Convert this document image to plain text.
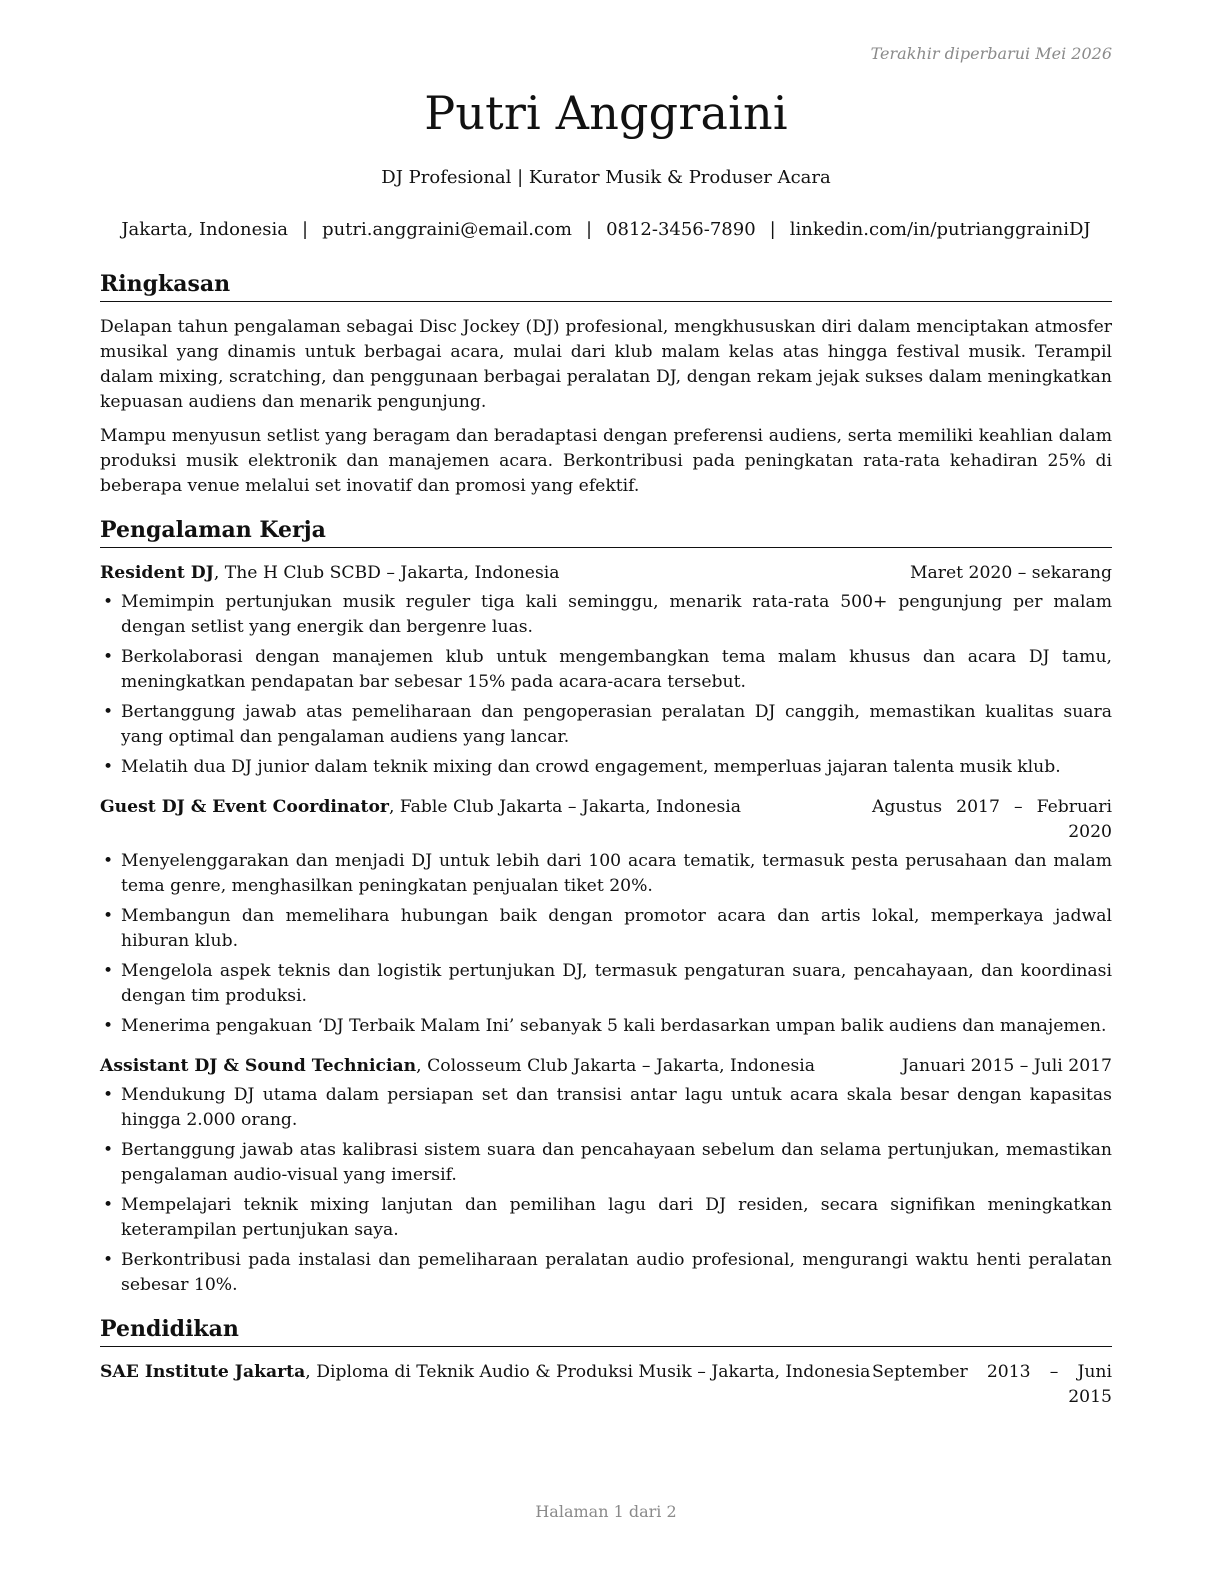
Terakhir diperbarui Mei 2026
Putri Anggraini
DJ Profesional | Kurator Musik & Produser Acara
Jakarta, Indonesia | putri.anggraini@email.com | 0812-3456-7890 | linkedin.com/in/putrianggrainiDJ
Ringkasan

Delapan tahun pengalaman sebagai Disc Jockey (DJ) profesional, mengkhususkan diri dalam menciptakan atmosfer musikal yang dinamis untuk berbagai acara, mulai dari klub malam kelas atas hingga festival musik. Terampil dalam mixing, scratching, dan penggunaan berbagai peralatan DJ, dengan rekam jejak sukses dalam meningkatkan kepuasan audiens dan menarik pengunjung.

Mampu menyusun setlist yang beragam dan beradaptasi dengan preferensi audiens, serta memiliki keahlian dalam produksi musik elektronik dan manajemen acara. Berkontribusi pada peningkatan rata-rata kehadiran 25% di beberapa venue melalui set inovatif dan promosi yang efektif.

Pengalaman Kerja
Resident DJ, The H Club SCBD – Jakarta, Indonesia	Maret 2020 – sekarang
• Memimpin pertunjukan musik reguler tiga kali seminggu, menarik rata-rata 500+ pengunjung per malam dengan setlist yang energik dan bergenre luas.
• Berkolaborasi dengan manajemen klub untuk mengembangkan tema malam khusus dan acara DJ tamu, meningkatkan pendapatan bar sebesar 15% pada acara-acara tersebut.
• Bertanggung jawab atas pemeliharaan dan pengoperasian peralatan DJ canggih, memastikan kualitas suara yang optimal dan pengalaman audiens yang lancar.
• Melatih dua DJ junior dalam teknik mixing dan crowd engagement, memperluas jajaran talenta musik klub.
Guest DJ & Event Coordinator, Fable Club Jakarta – Jakarta, Indonesia	Agustus 2017 – Februari 2020
• Menyelenggarakan dan menjadi DJ untuk lebih dari 100 acara tematik, termasuk pesta perusahaan dan malam tema genre, menghasilkan peningkatan penjualan tiket 20%.
• Membangun dan memelihara hubungan baik dengan promotor acara dan artis lokal, memperkaya jadwal hiburan klub.
• Mengelola aspek teknis dan logistik pertunjukan DJ, termasuk pengaturan suara, pencahayaan, dan koordinasi dengan tim produksi.
• Menerima pengakuan ‘DJ Terbaik Malam Ini’ sebanyak 5 kali berdasarkan umpan balik audiens dan manajemen.
Assistant DJ & Sound Technician, Colosseum Club Jakarta – Jakarta, Indonesia	Januari 2015 – Juli 2017
• Mendukung DJ utama dalam persiapan set dan transisi antar lagu untuk acara skala besar dengan kapasitas hingga 2.000 orang.
• Bertanggung jawab atas kalibrasi sistem suara dan pencahayaan sebelum dan selama pertunjukan, memastikan pengalaman audio-visual yang imersif.
• Mempelajari teknik mixing lanjutan dan pemilihan lagu dari DJ residen, secara signifikan meningkatkan keterampilan pertunjukan saya.
• Berkontribusi pada instalasi dan pemeliharaan peralatan audio profesional, mengurangi waktu henti peralatan sebesar 10%.
Pendidikan
SAE Institute Jakarta, Diploma di Teknik Audio & Produksi Musik – Jakarta, Indonesia September 2013 – Juni 2015
Halaman 1 dari 2
